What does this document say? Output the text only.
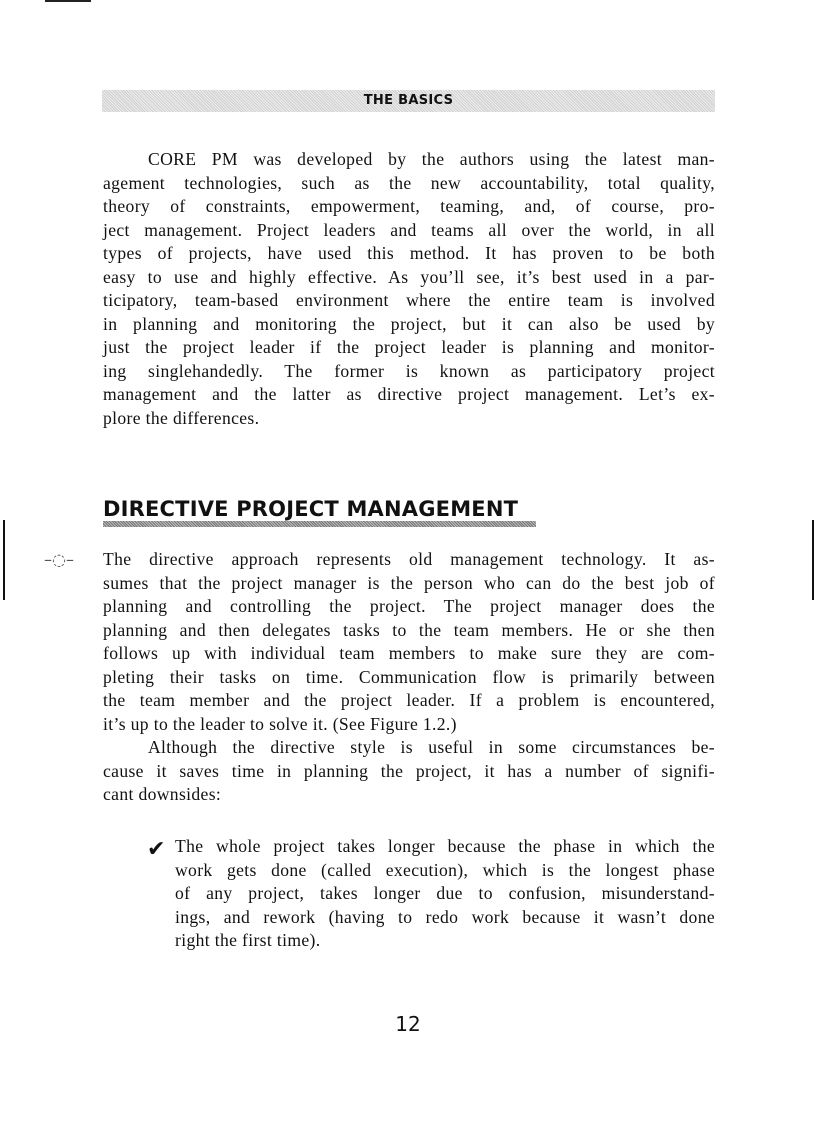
THE BASICS
CORE PM was developed by the authors using the latest man-
agement technologies, such as the new accountability, total quality,
theory of constraints, empowerment, teaming, and, of course, pro-
ject management. Project leaders and teams all over the world, in all
types of projects, have used this method. It has proven to be both
easy to use and highly effective. As you’ll see, it’s best used in a par-
ticipatory, team-based environment where the entire team is involved
in planning and monitoring the project, but it can also be used by
just the project leader if the project leader is planning and monitor-
ing singlehandedly. The former is known as participatory project
management and the latter as directive project management. Let’s ex-
plore the differences.
DIRECTIVE PROJECT MANAGEMENT
–◌– The directive approach represents old management technology. It as-
sumes that the project manager is the person who can do the best job of
planning and controlling the project. The project manager does the
planning and then delegates tasks to the team members. He or she then
follows up with individual team members to make sure they are com-
pleting their tasks on time. Communication flow is primarily between
the team member and the project leader. If a problem is encountered,
it’s up to the leader to solve it. (See Figure 1.2.)
Although the directive style is useful in some circumstances be-
cause it saves time in planning the project, it has a number of signifi-
cant downsides:
✔ The whole project takes longer because the phase in which the
work gets done (called execution), which is the longest phase
of any project, takes longer due to confusion, misunderstand-
ings, and rework (having to redo work because it wasn’t done
right the first time).
12
